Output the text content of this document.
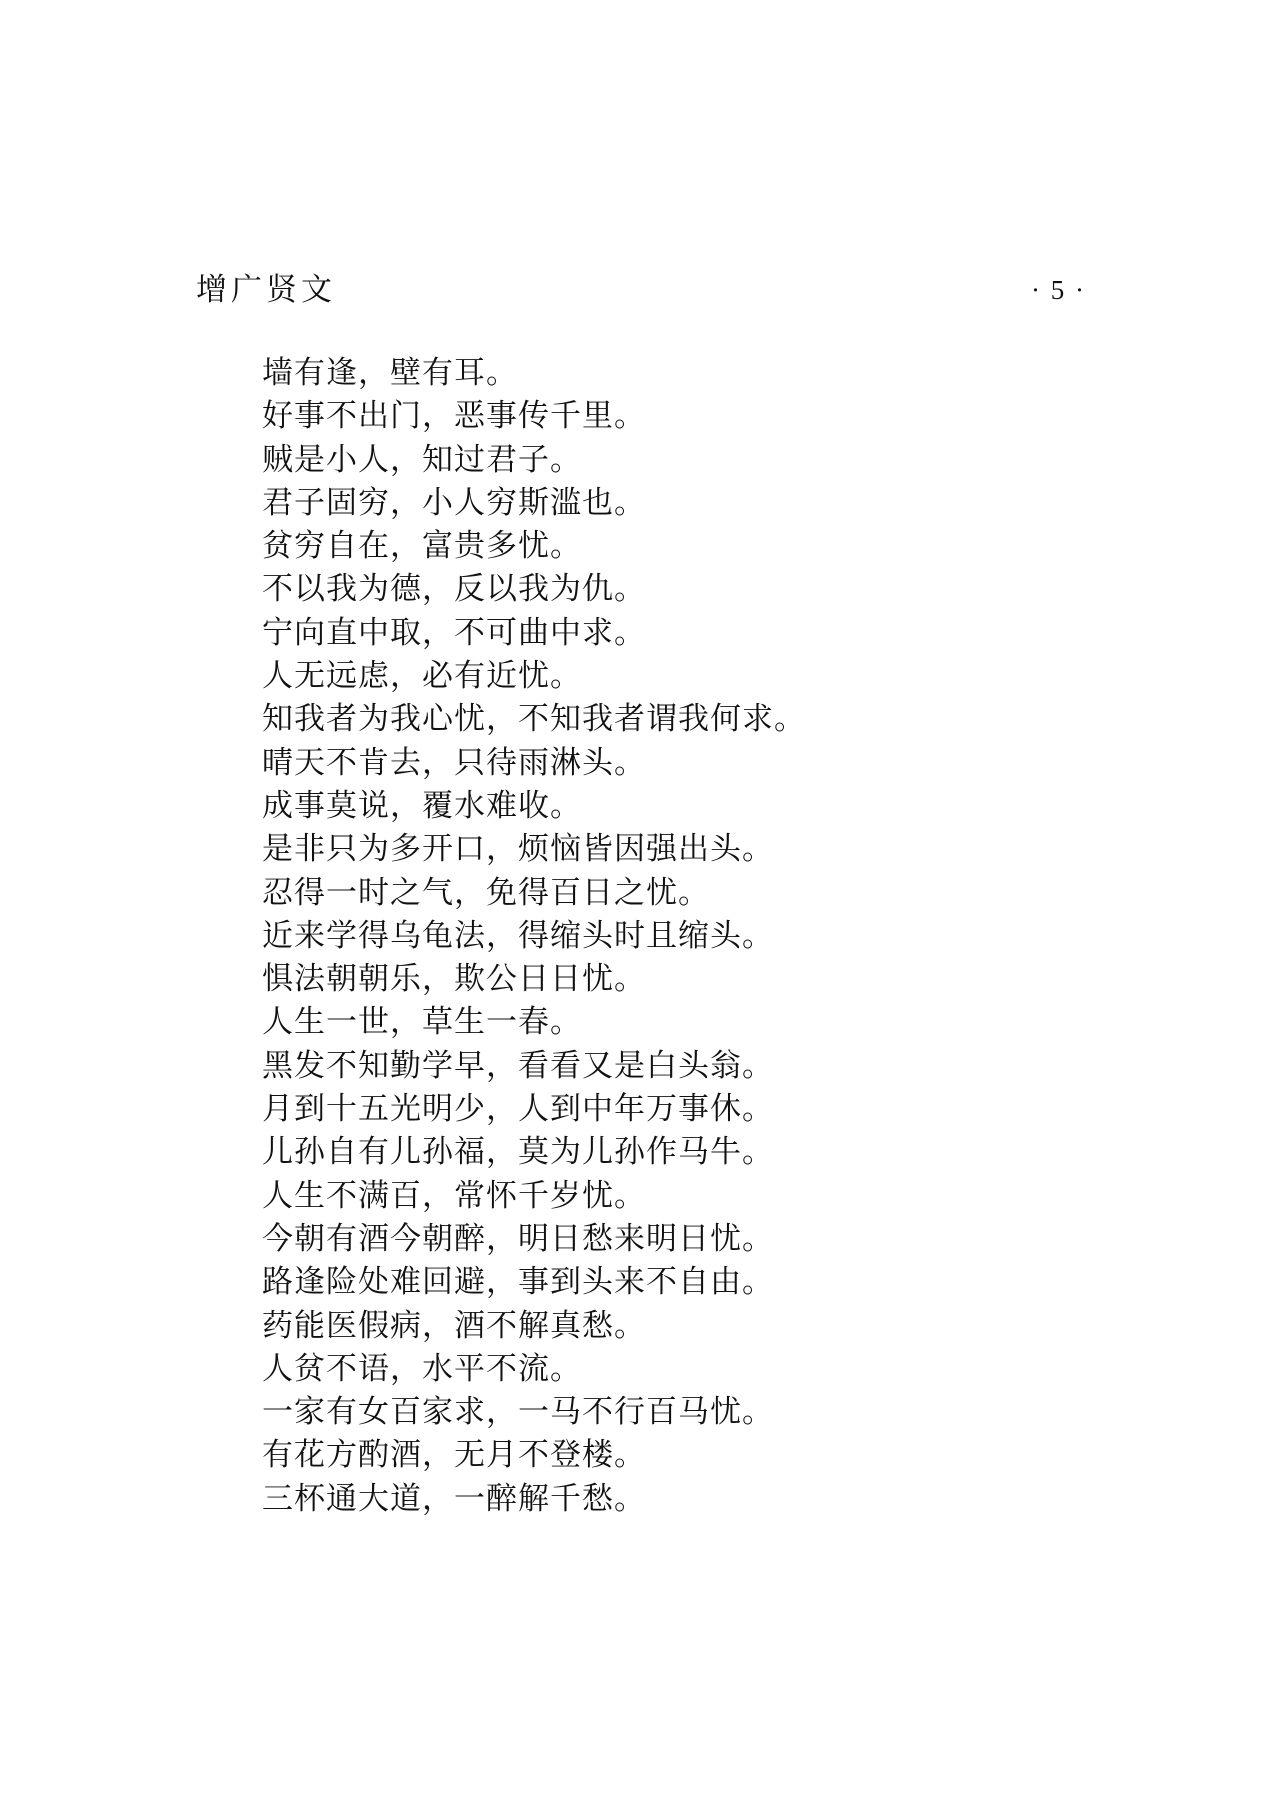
增广贤文	· 5 ·
墙有逢，壁有耳。
好事不出门，恶事传千里。
贼是小人，知过君子。
君子固穷，小人穷斯滥也。
贫穷自在，富贵多忧。
不以我为德，反以我为仇。
宁向直中取，不可曲中求。
人无远虑，必有近忧。
知我者为我心忧，不知我者谓我何求。
晴天不肯去，只待雨淋头。
成事莫说，覆水难收。
是非只为多开口，烦恼皆因强出头。
忍得一时之气，免得百日之忧。
近来学得乌龟法，得缩头时且缩头。
惧法朝朝乐，欺公日日忧。
人生一世，草生一春。
黑发不知勤学早，看看又是白头翁。
月到十五光明少，人到中年万事休。
儿孙自有儿孙福，莫为儿孙作马牛。
人生不满百，常怀千岁忧。
今朝有酒今朝醉，明日愁来明日忧。
路逢险处难回避，事到头来不自由。
药能医假病，酒不解真愁。
人贫不语，水平不流。
一家有女百家求，一马不行百马忧。
有花方酌酒，无月不登楼。
三杯通大道，一醉解千愁。
